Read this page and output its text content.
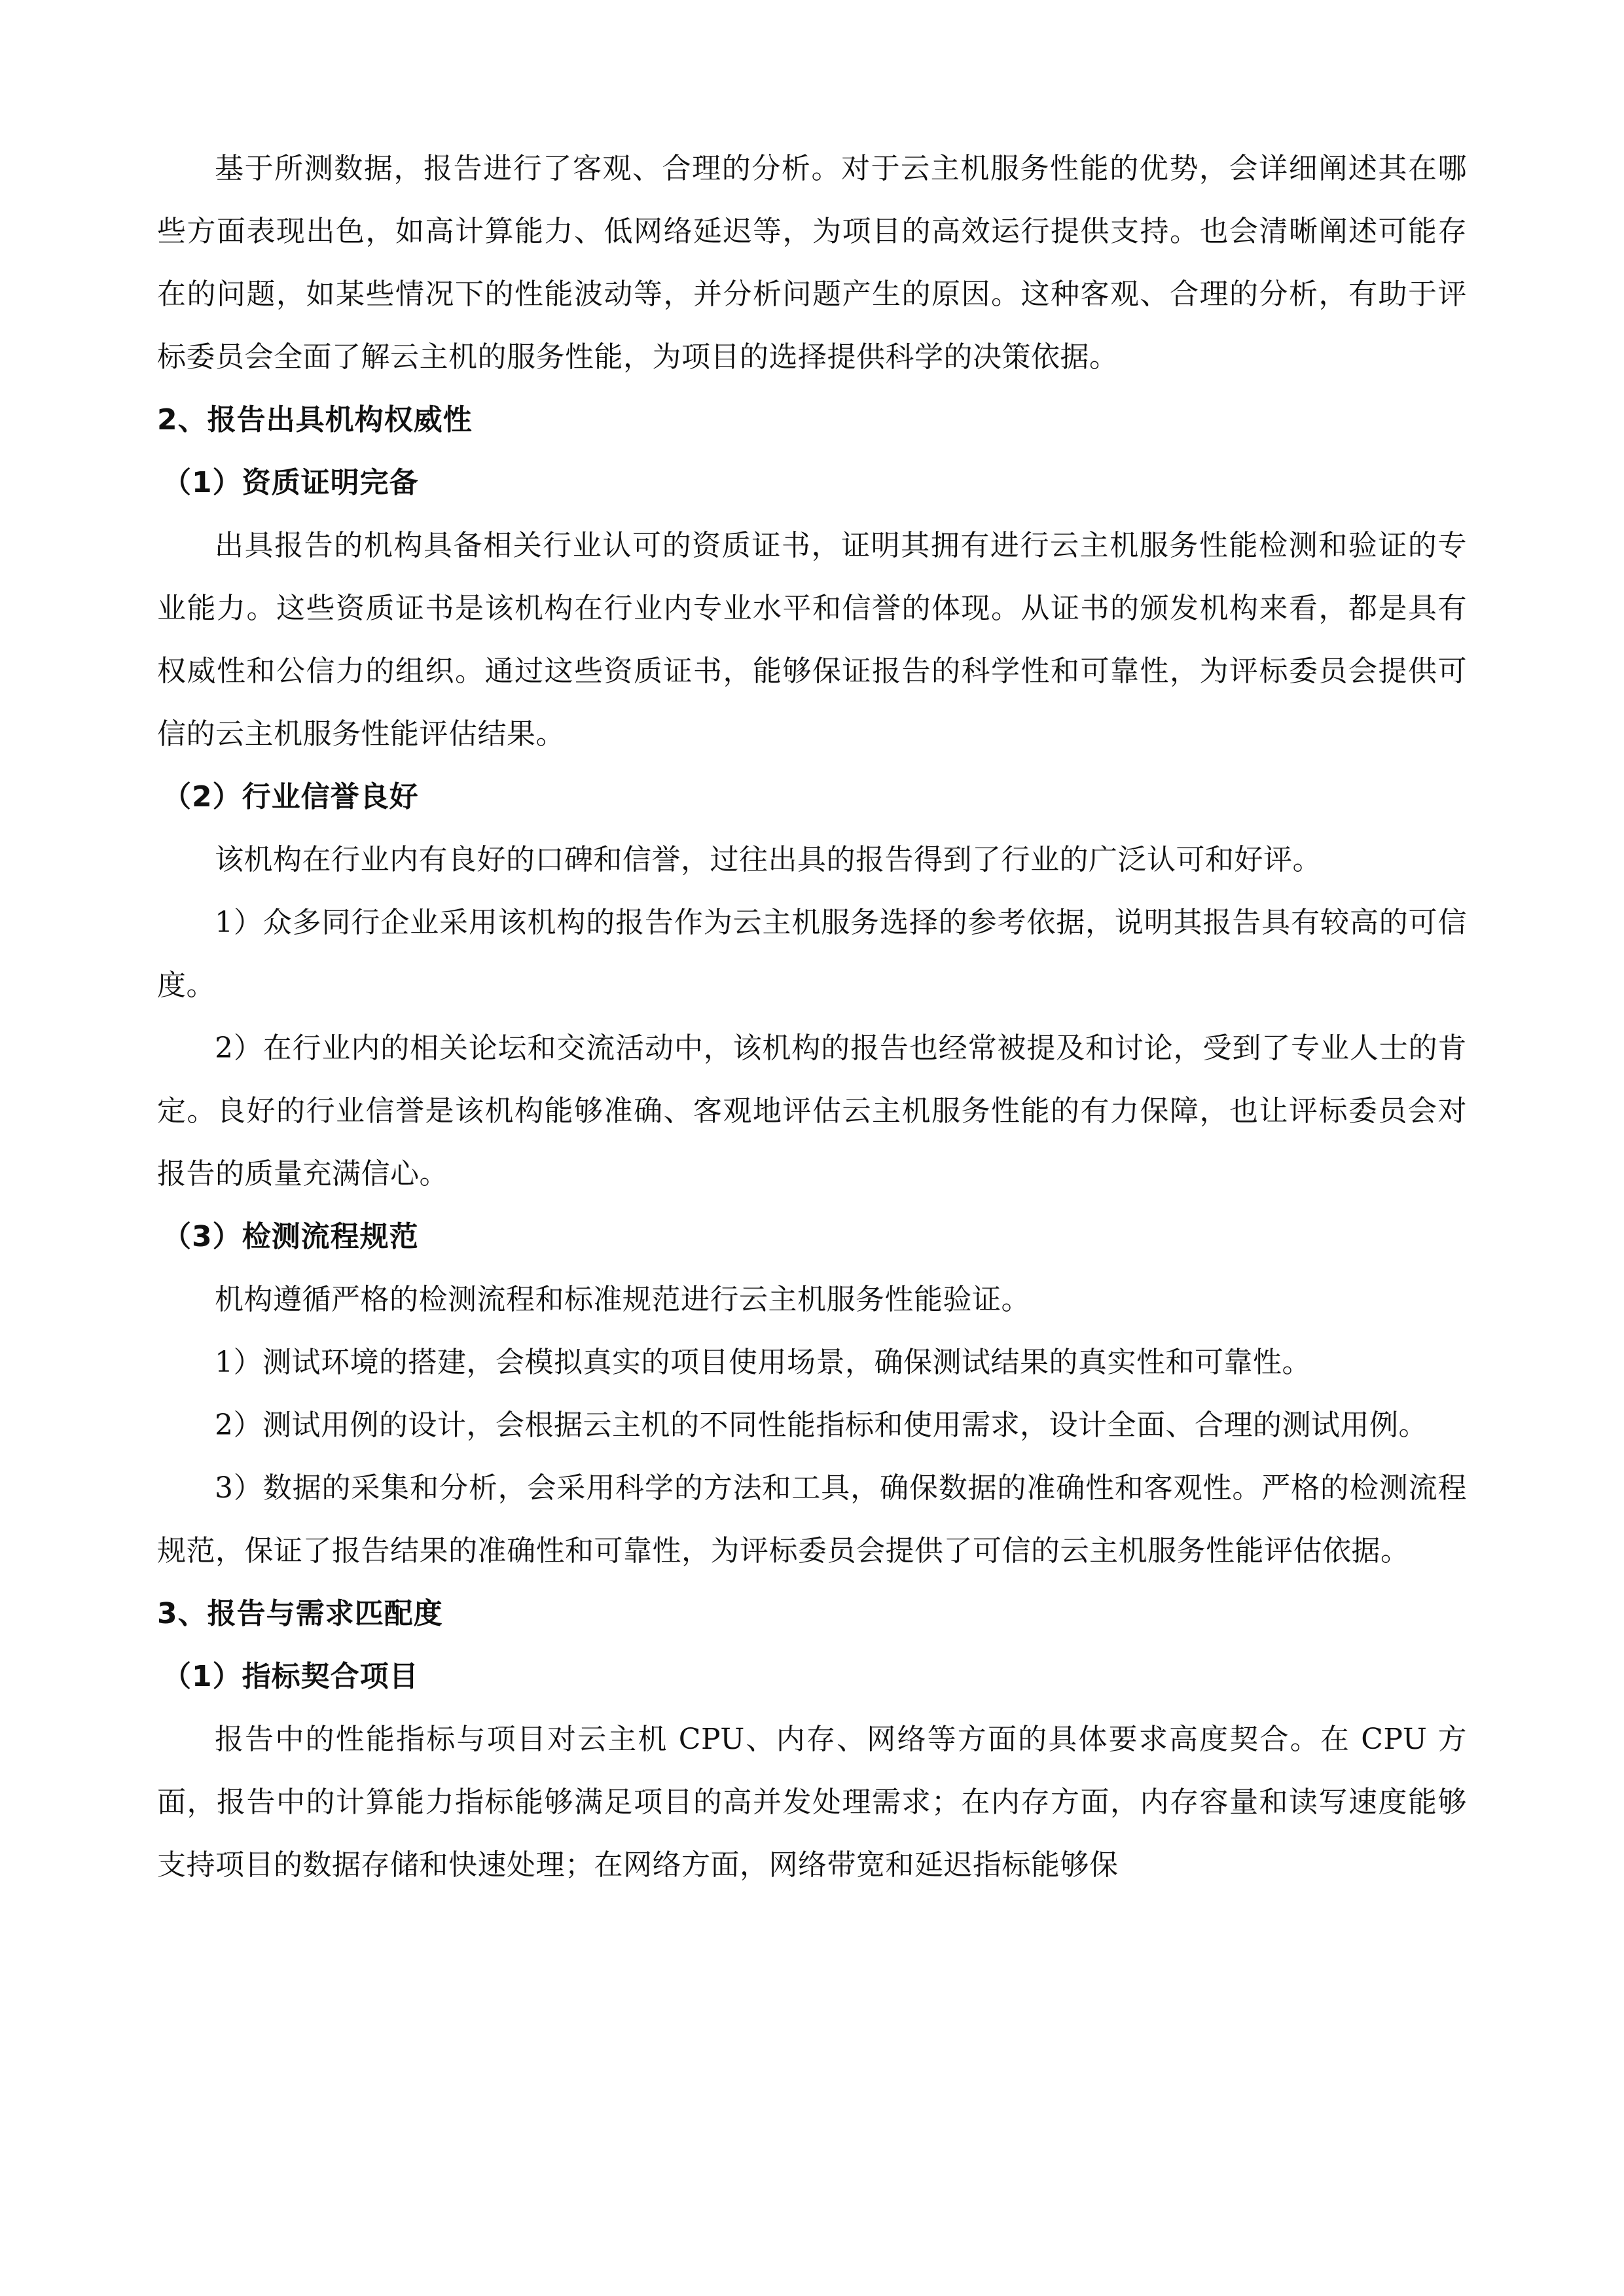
基于所测数据，报告进行了客观、合理的分析。对于云主机服务性能的优势，会详细阐述其在哪些方面表现出色，如高计算能力、低网络延迟等，为项目的高效运行提供支持。也会清晰阐述可能存在的问题，如某些情况下的性能波动等，并分析问题产生的原因。这种客观、合理的分析，有助于评标委员会全面了解云主机的服务性能，为项目的选择提供科学的决策依据。

2、报告出具机构权威性
（1）资质证明完备

出具报告的机构具备相关行业认可的资质证书，证明其拥有进行云主机服务性能检测和验证的专业能力。这些资质证书是该机构在行业内专业水平和信誉的体现。从证书的颁发机构来看，都是具有权威性和公信力的组织。通过这些资质证书，能够保证报告的科学性和可靠性，为评标委员会提供可信的云主机服务性能评估结果。

（2）行业信誉良好

该机构在行业内有良好的口碑和信誉，过往出具的报告得到了行业的广泛认可和好评。

1）众多同行企业采用该机构的报告作为云主机服务选择的参考依据，说明其报告具有较高的可信度。

2）在行业内的相关论坛和交流活动中，该机构的报告也经常被提及和讨论，受到了专业人士的肯定。良好的行业信誉是该机构能够准确、客观地评估云主机服务性能的有力保障，也让评标委员会对报告的质量充满信心。

（3）检测流程规范

机构遵循严格的检测流程和标准规范进行云主机服务性能验证。

1）测试环境的搭建，会模拟真实的项目使用场景，确保测试结果的真实性和可靠性。

2）测试用例的设计，会根据云主机的不同性能指标和使用需求，设计全面、合理的测试用例。

3）数据的采集和分析，会采用科学的方法和工具，确保数据的准确性和客观性。严格的检测流程规范，保证了报告结果的准确性和可靠性，为评标委员会提供了可信的云主机服务性能评估依据。

3、报告与需求匹配度
（1）指标契合项目

报告中的性能指标与项目对云主机 CPU、内存、网络等方面的具体要求高度契合。在 CPU 方面，报告中的计算能力指标能够满足项目的高并发处理需求；在内存方面，内存容量和读写速度能够支持项目的数据存储和快速处理；在网络方面，网络带宽和延迟指标能够保
